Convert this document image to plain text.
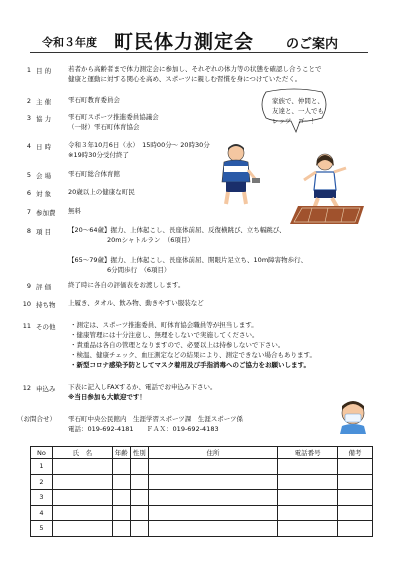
令和３年度 町民体力測定会 のご案内
1 目 的	若者から高齢者まで体力測定会に参加し、それぞれの体力等の状態を確認し合うことで
健康と運動に対する関心を高め、スポーツに親しむ習慣を身につけていただく。
2 主 催	雫石町教育委員会
3 協 力	雫石町スポーツ推進委員協議会
（一財）雫石町体育協会
4 日 時	令和３年10月6日（水）　15時00分～ 20時30分
※19時30分受付終了
5 会 場	雫石町総合体育館
6 対 象	20歳以上の健康な町民
7 参加費 無料
8 項 目	【20～64歳】握力、上体起こし、長座体前屈、反復横跳び、立ち幅跳び、
　　　　　　20mシャトルラン　（6項目）
【65～79歳】握力、上体起こし、長座体前屈、開眼片足立ち、10m障害物歩行、
　　　　　　6分間歩行　（6項目）
9 評 価	終了時に各自の評価表をお渡しします。
10 持ち物 上履き、タオル、飲み物、動きやすい服装など
11 その他 ・測定は、スポーツ推進委員、町体育協会職員等が担当します。
・健康管理には十分注意し、無理をしないで実施してください。
・貴重品は各自の管理となりますので、必要以上は持参しないで下さい。
・検温、健康チェック、血圧測定などの結果により、測定できない場合もあります。
・新型コロナ感染予防としてマスク着用及び手指消毒へのご協力をお願いします。
12 申込み 下表に記入しFAXするか、電話でお申込み下さい。
※当日参加も大歓迎です！
（お問合せ） 雫石町中央公民館内　生涯学習スポーツ課　生涯スポーツ係
電話：019-692-4181　　ＦＡＸ：019-692-4183
家族で、仲間と、
友達と、一人でも
レッツ　ゴー！
No	氏　名	年齢	性別	住所	電話番号	備考
1						
2						
3						
4						
5						
